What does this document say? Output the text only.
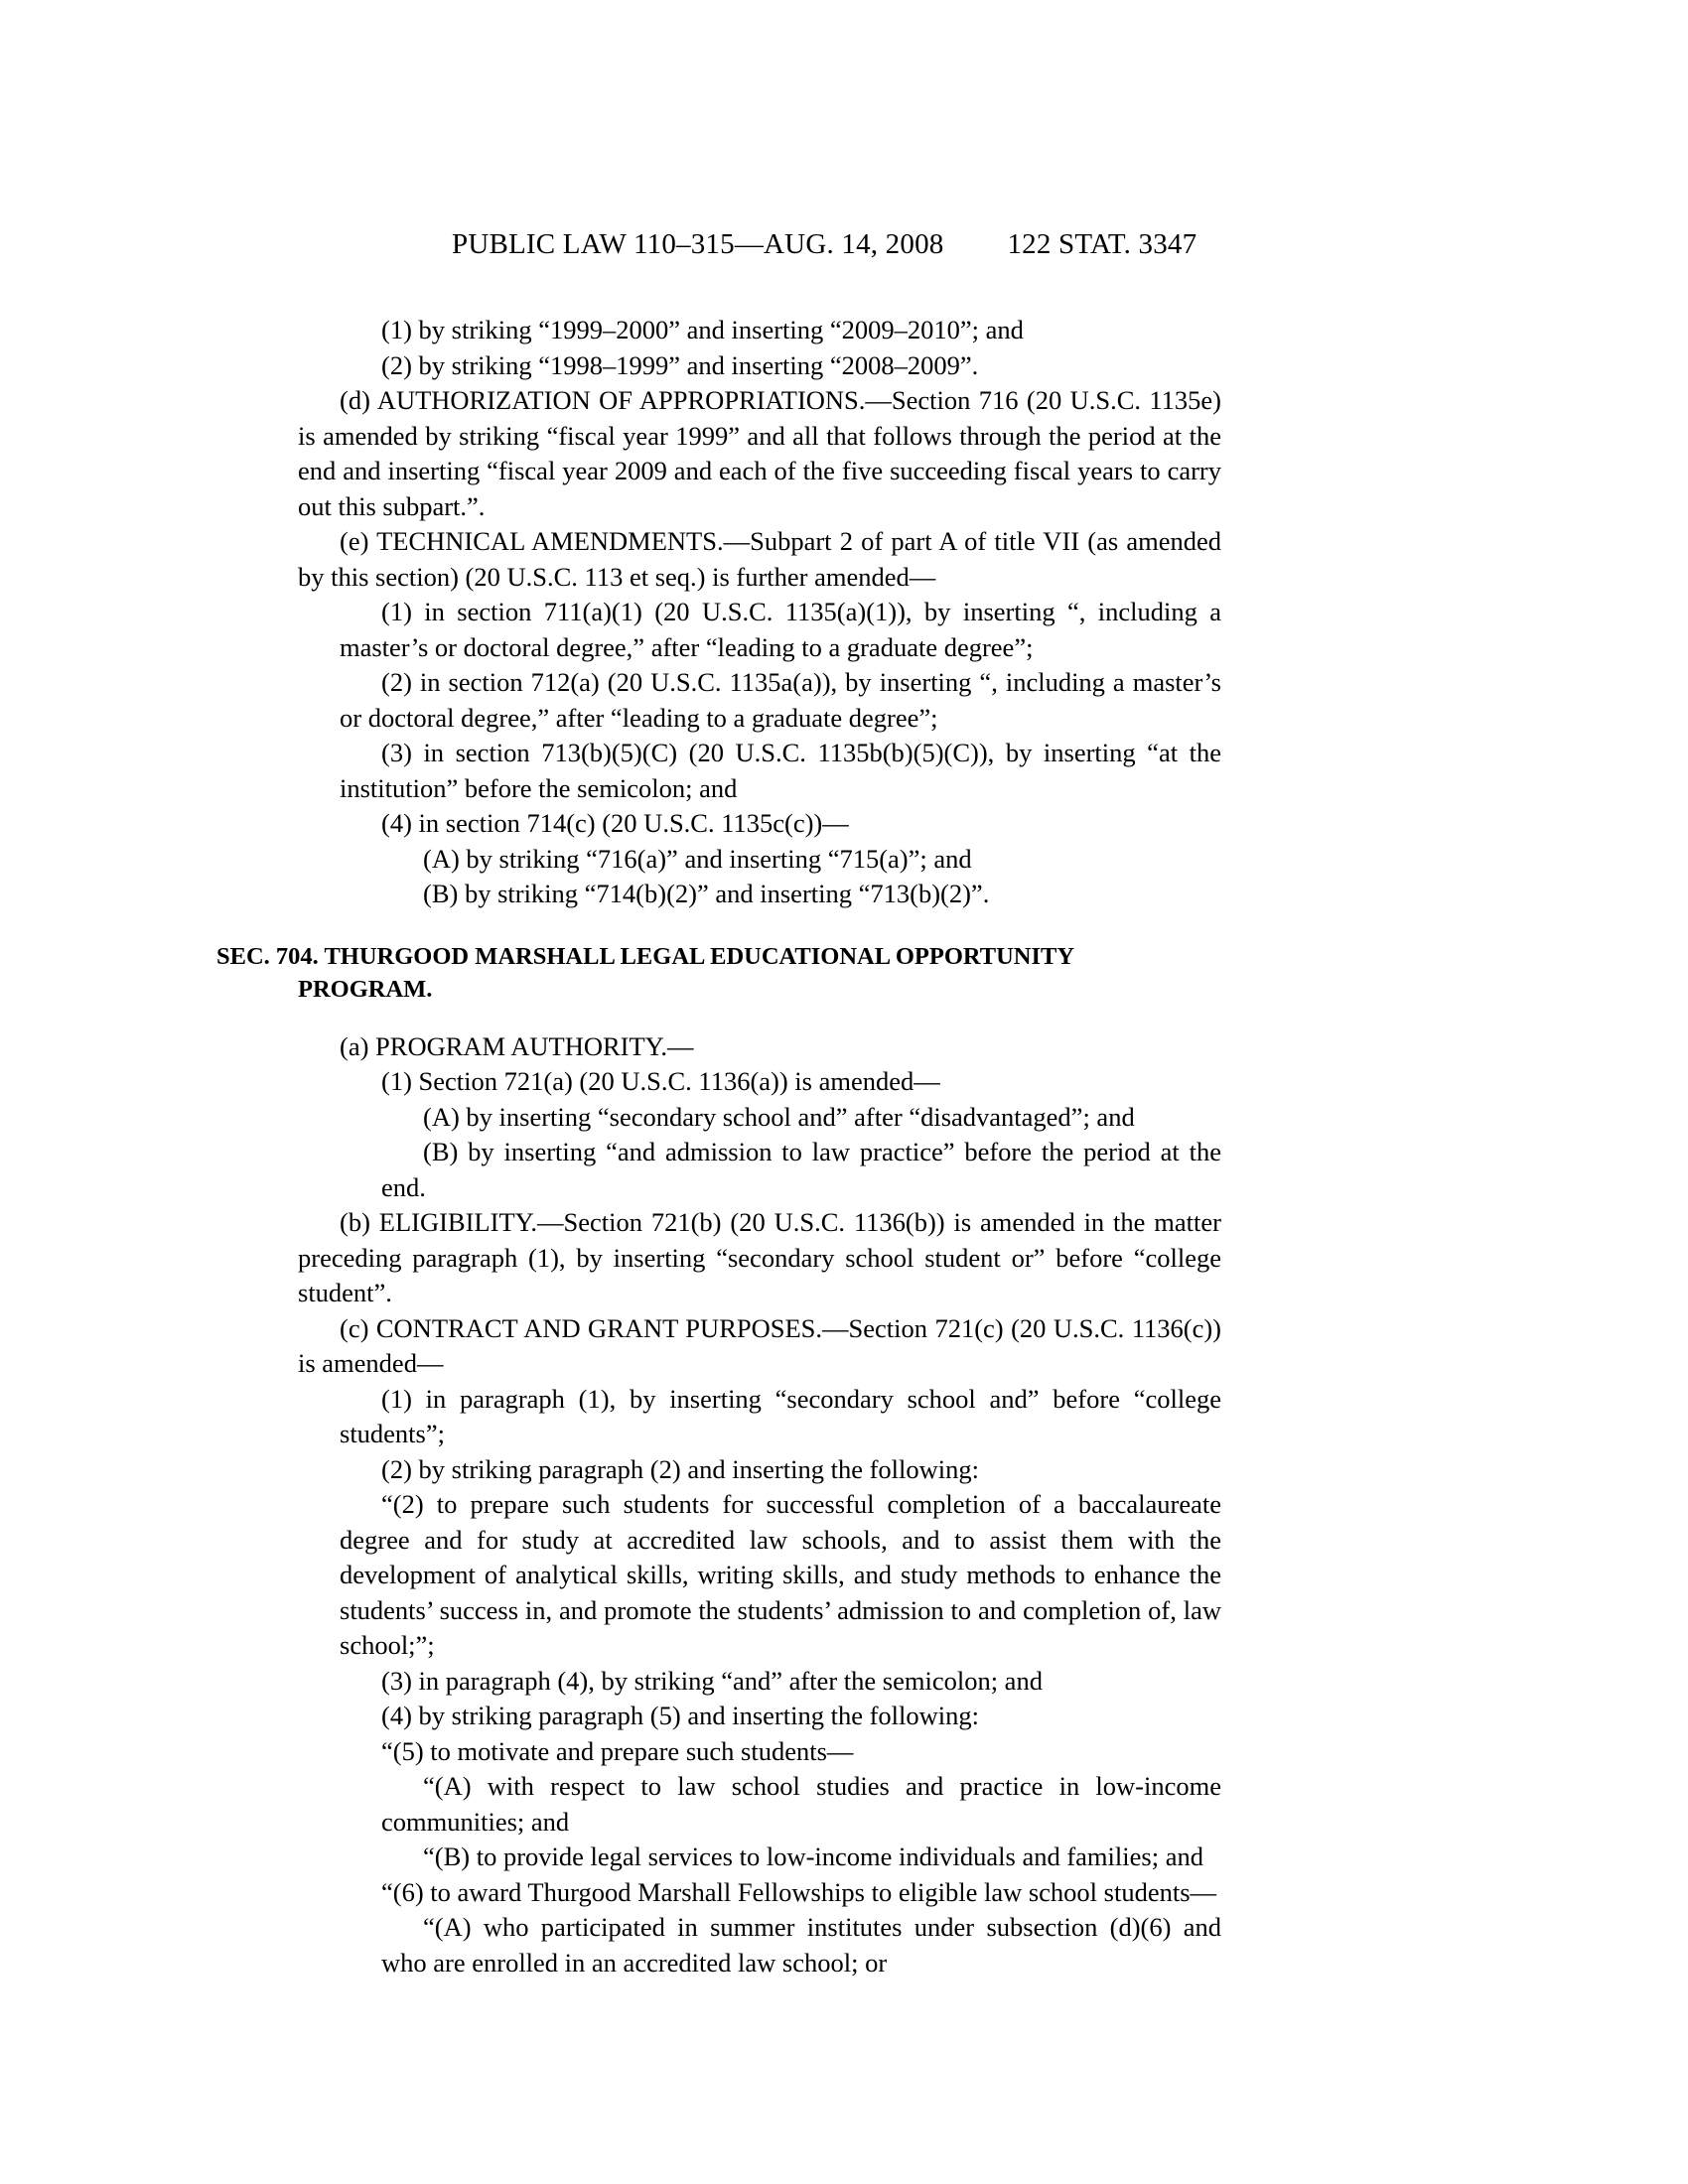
PUBLIC LAW 110–315—AUG. 14, 2008 122 STAT. 3347

(1) by striking “1999–2000” and inserting “2009–2010”; and

(2) by striking “1998–1999” and inserting “2008–2009”.

(d) AUTHORIZATION OF APPROPRIATIONS.—Section 716 (20 U.S.C. 1135e) is amended by striking “fiscal year 1999” and all that follows through the period at the end and inserting “fiscal year 2009 and each of the five succeeding fiscal years to carry out this subpart.”.

(e) TECHNICAL AMENDMENTS.—Subpart 2 of part A of title VII (as amended by this section) (20 U.S.C. 113 et seq.) is further amended—

(1) in section 711(a)(1) (20 U.S.C. 1135(a)(1)), by inserting “, including a master’s or doctoral degree,” after “leading to a graduate degree”;

(2) in section 712(a) (20 U.S.C. 1135a(a)), by inserting “, including a master’s or doctoral degree,” after “leading to a graduate degree”;

(3) in section 713(b)(5)(C) (20 U.S.C. 1135b(b)(5)(C)), by inserting “at the institution” before the semicolon; and

(4) in section 714(c) (20 U.S.C. 1135c(c))—

(A) by striking “716(a)” and inserting “715(a)”; and

(B) by striking “714(b)(2)” and inserting “713(b)(2)”.

SEC. 704. THURGOOD MARSHALL LEGAL EDUCATIONAL OPPORTUNITY
PROGRAM.

(a) PROGRAM AUTHORITY.—

(1) Section 721(a) (20 U.S.C. 1136(a)) is amended—

(A) by inserting “secondary school and” after “disadvantaged”; and

(B) by inserting “and admission to law practice” before the period at the end.

(b) ELIGIBILITY.—Section 721(b) (20 U.S.C. 1136(b)) is amended in the matter preceding paragraph (1), by inserting “secondary school student or” before “college student”.

(c) CONTRACT AND GRANT PURPOSES.—Section 721(c) (20 U.S.C. 1136(c)) is amended—

(1) in paragraph (1), by inserting “secondary school and” before “college students”;

(2) by striking paragraph (2) and inserting the following:

“(2) to prepare such students for successful completion of a baccalaureate degree and for study at accredited law schools, and to assist them with the development of analytical skills, writing skills, and study methods to enhance the students’ success in, and promote the students’ admission to and completion of, law school;”;

(3) in paragraph (4), by striking “and” after the semicolon; and

(4) by striking paragraph (5) and inserting the following:

“(5) to motivate and prepare such students—

“(A) with respect to law school studies and practice in low-income communities; and

“(B) to provide legal services to low-income individuals and families; and

“(6) to award Thurgood Marshall Fellowships to eligible law school students—

“(A) who participated in summer institutes under subsection (d)(6) and who are enrolled in an accredited law school; or
